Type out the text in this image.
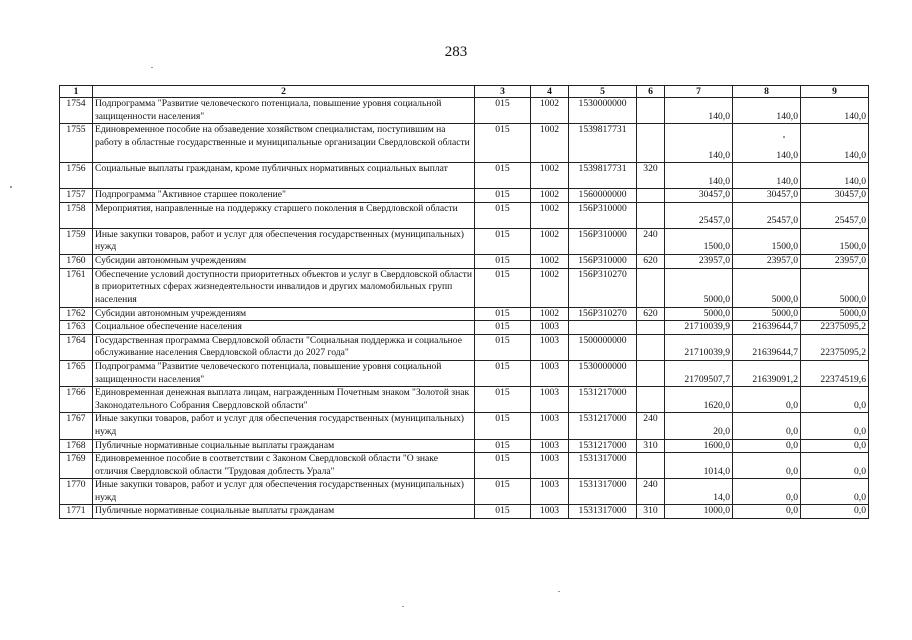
283
1	2	3	4	5	6	7	8	9
1754	Подпрограмма "Развитие человеческого потенциала, повышение уровня социальной защищенности населения"	015	1002	1530000000		140,0	140,0	140,0
1755	Единовременное пособие на обзаведение хозяйством специалистам, поступившим на работу в областные государственные и муниципальные организации Свердловской области	015	1002	1539817731		140,0	140,0	140,0
1756	Социальные выплаты гражданам, кроме публичных нормативных социальных выплат	015	1002	1539817731	320	140,0	140,0	140,0
1757	Подпрограмма "Активное старшее поколение"	015	1002	1560000000		30457,0	30457,0	30457,0
1758	Мероприятия, направленные на поддержку старшего поколения в Свердловской области	015	1002	156Р310000		25457,0	25457,0	25457,0
1759	Иные закупки товаров, работ и услуг для обеспечения государственных (муниципальных) нужд	015	1002	156Р310000	240	1500,0	1500,0	1500,0
1760	Субсидии автономным учреждениям	015	1002	156Р310000	620	23957,0	23957,0	23957,0
1761	Обеспечение условий доступности приоритетных объектов и услуг в Свердловской области в приоритетных сферах жизнедеятельности инвалидов и других маломобильных групп населения	015	1002	156Р310270		5000,0	5000,0	5000,0
1762	Субсидии автономным учреждениям	015	1002	156Р310270	620	5000,0	5000,0	5000,0
1763	Социальное обеспечение населения	015	1003			21710039,9	21639644,7	22375095,2
1764	Государственная программа Свердловской области "Социальная поддержка и социальное обслуживание населения Свердловской области до 2027 года"	015	1003	1500000000		21710039,9	21639644,7	22375095,2
1765	Подпрограмма "Развитие человеческого потенциала, повышение уровня социальной защищенности населения"	015	1003	1530000000		21709507,7	21639091,2	22374519,6
1766	Единовременная денежная выплата лицам, награжденным Почетным знаком "Золотой знак Законодательного Собрания Свердловской области"	015	1003	1531217000		1620,0	0,0	0,0
1767	Иные закупки товаров, работ и услуг для обеспечения государственных (муниципальных) нужд	015	1003	1531217000	240	20,0	0,0	0,0
1768	Публичные нормативные социальные выплаты гражданам	015	1003	1531217000	310	1600,0	0,0	0,0
1769	Единовременное пособие в соответствии с Законом Свердловской области "О знаке отличия Свердловской области "Трудовая доблесть Урала"	015	1003	1531317000		1014,0	0,0	0,0
1770	Иные закупки товаров, работ и услуг для обеспечения государственных (муниципальных) нужд	015	1003	1531317000	240	14,0	0,0	0,0
1771	Публичные нормативные социальные выплаты гражданам	015	1003	1531317000	310	1000,0	0,0	0,0
